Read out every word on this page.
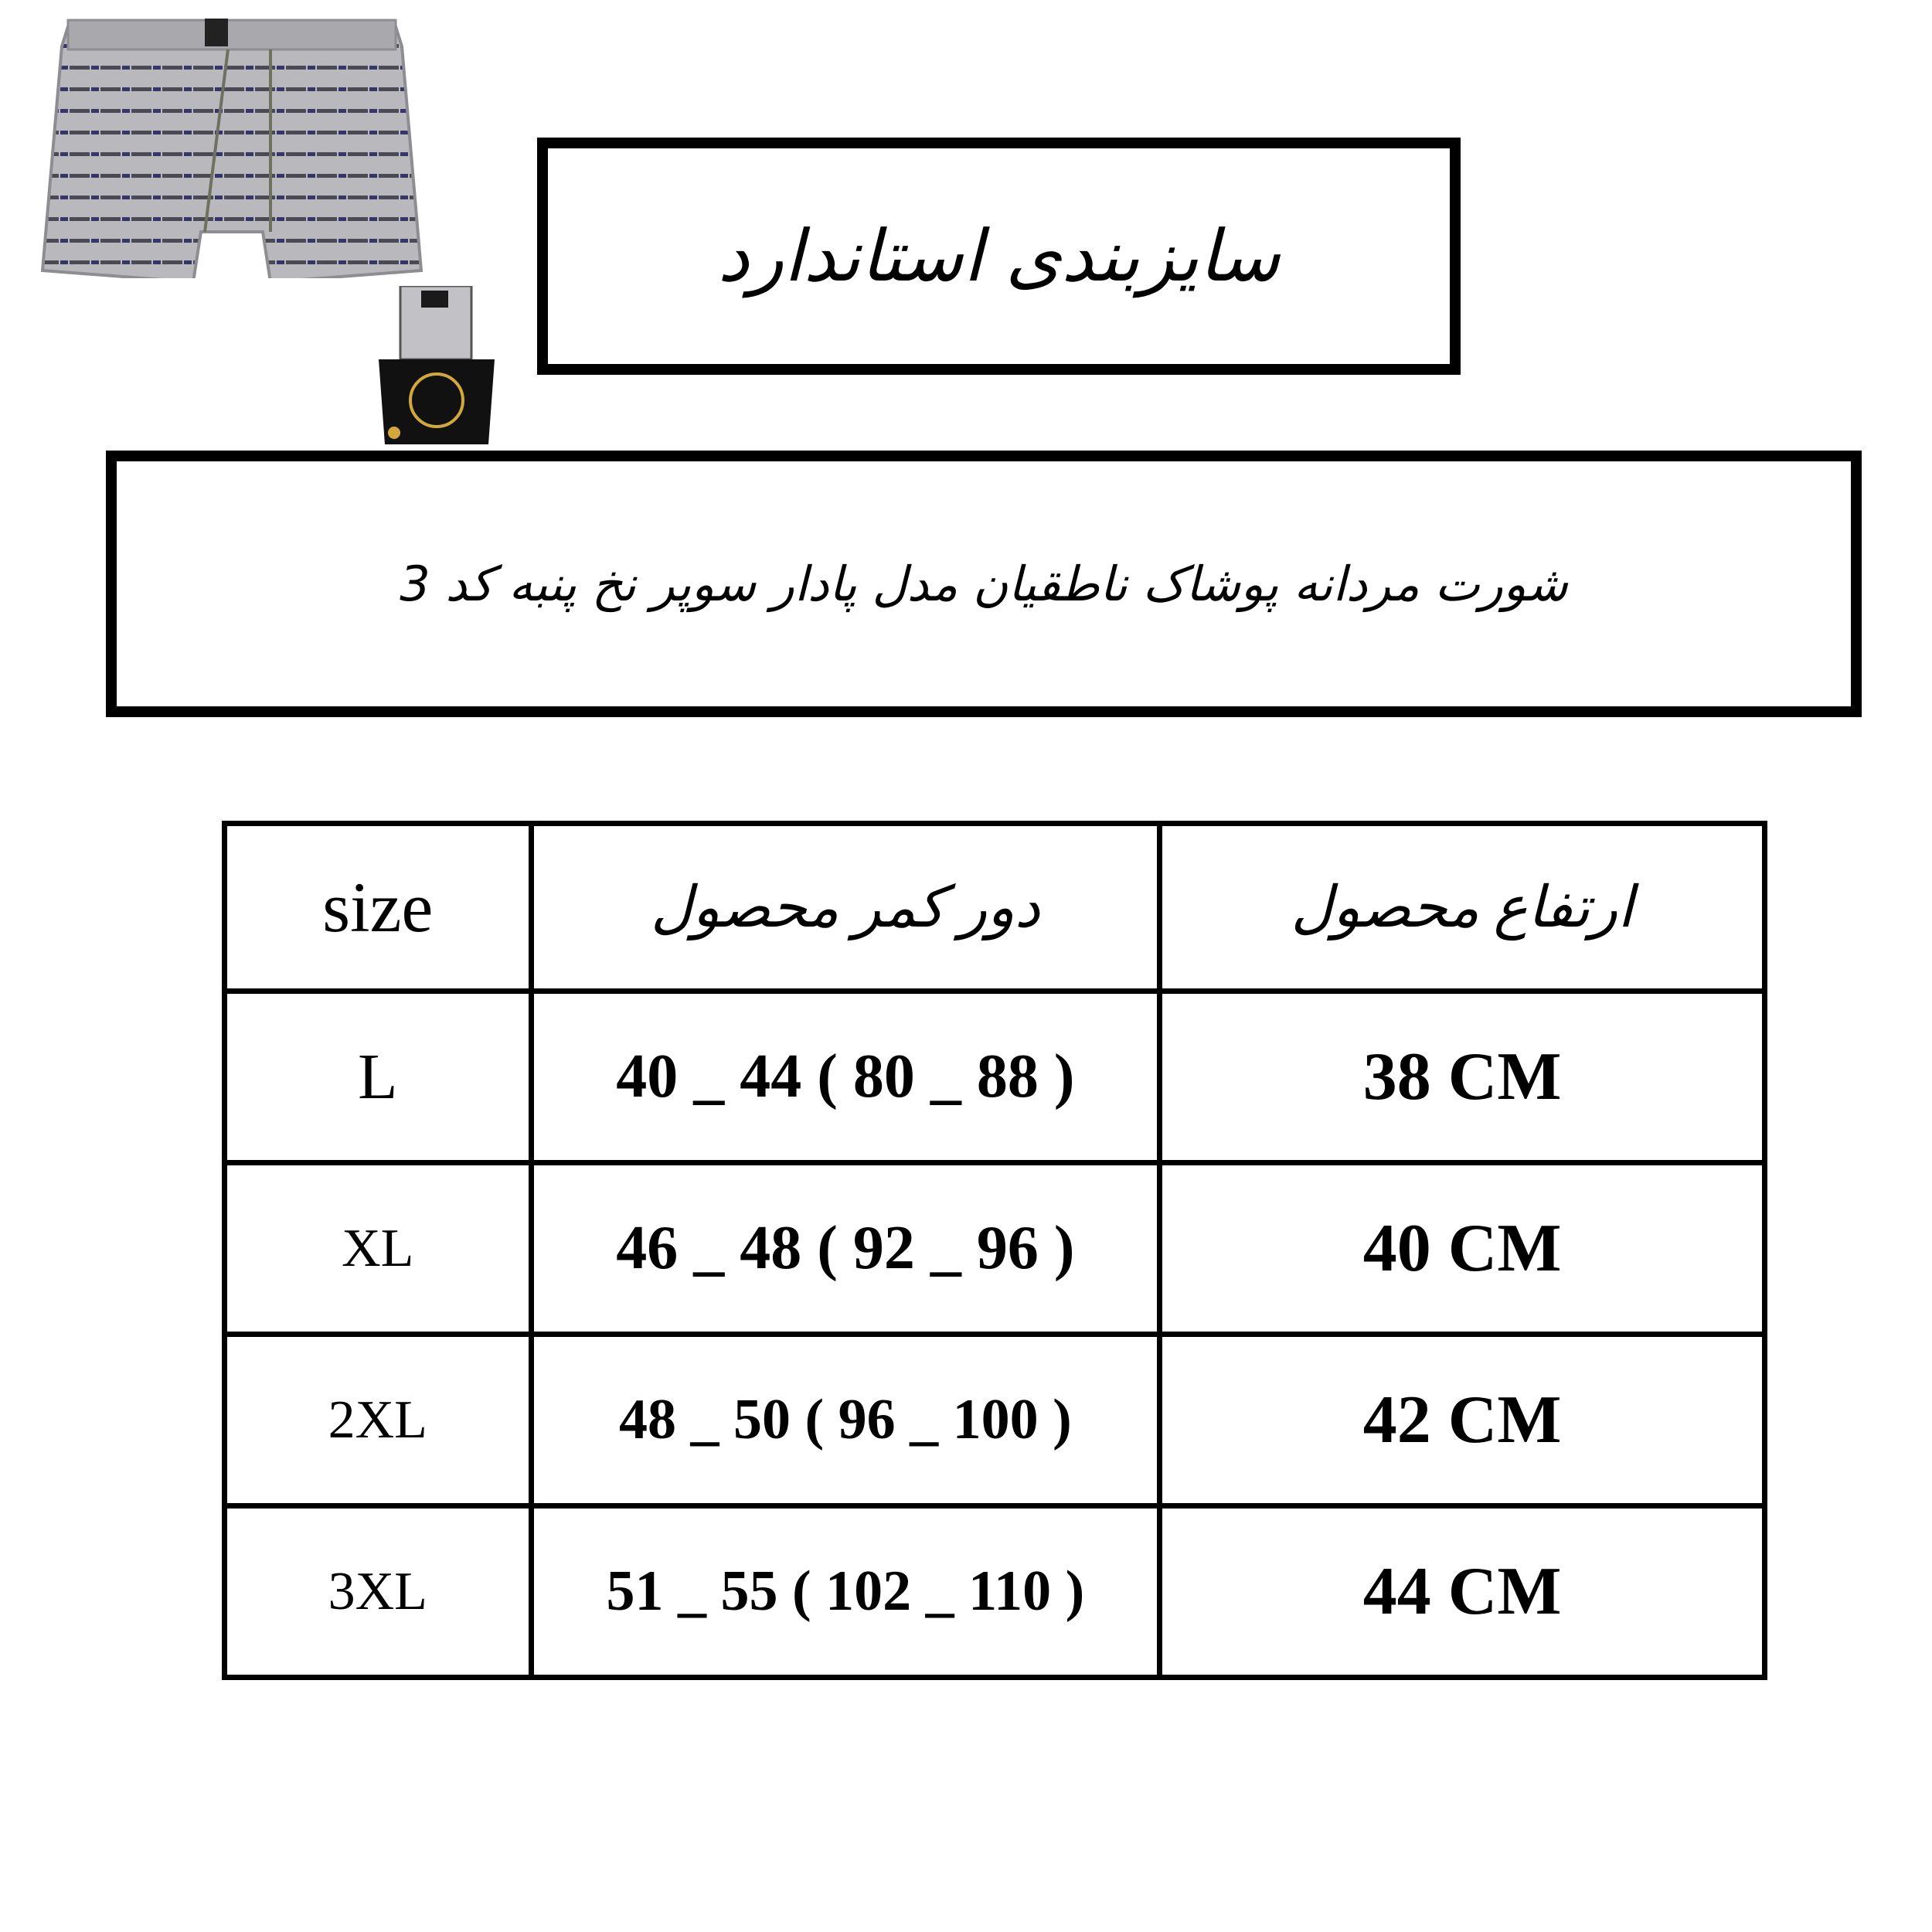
سایزبندی استاندارد
شورت مردانه پوشاک ناطقیان مدل پادار سوپر نخ پنبه کد 3
size	دور کمر محصول	ارتفاع محصول
L	40 _ 44 ( 80 _ 88 )	38 CM
XL	46 _ 48 ( 92 _ 96 )	40 CM
2XL	48 _ 50 ( 96 _ 100 )	42 CM
3XL	51 _ 55 ( 102 _ 110 )	44 CM
